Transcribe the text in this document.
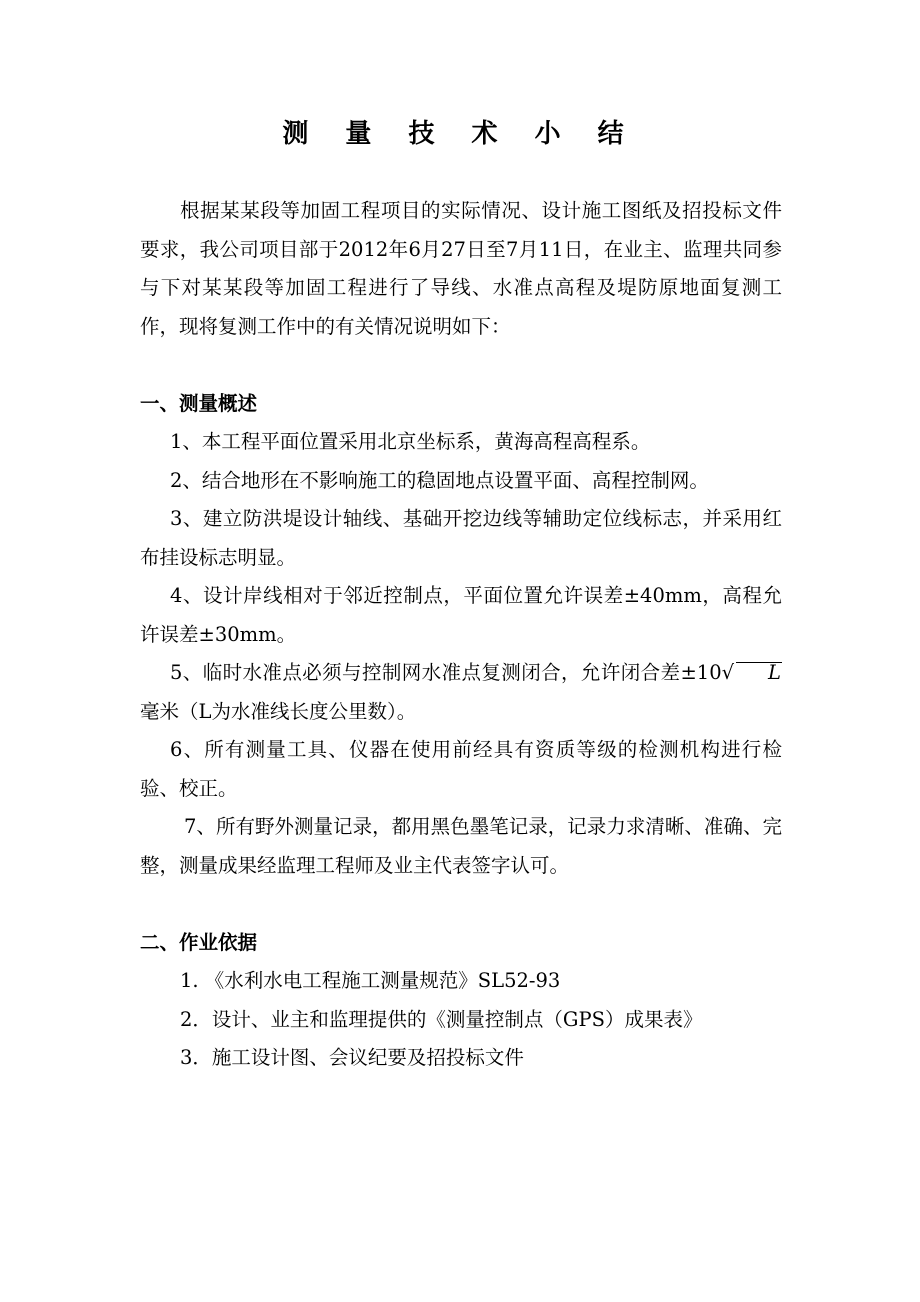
测 量 技 术 小 结

根据某某段等加固工程项目的实际情况、设计施工图纸及招投标文件要求，我公司项目部于2012年6月27日至7月11日，在业主、监理共同参与下对某某段等加固工程进行了导线、水准点高程及堤防原地面复测工作，现将复测工作中的有关情况说明如下：

一、测量概述

1、本工程平面位置采用北京坐标系，黄海高程高程系。

2、结合地形在不影响施工的稳固地点设置平面、高程控制网。

3、建立防洪堤设计轴线、基础开挖边线等辅助定位线标志，并采用红布挂设标志明显。

4、设计岸线相对于邻近控制点，平面位置允许误差±40mm，高程允许误差±30mm。

5、临时水准点必须与控制网水准点复测闭合，允许闭合差±10√ L毫米（L为水准线长度公里数）。

6、所有测量工具、仪器在使用前经具有资质等级的检测机构进行检验、校正。

7、所有野外测量记录，都用黑色墨笔记录，记录力求清晰、准确、完整，测量成果经监理工程师及业主代表签字认可。

二、作业依据

1. 《水利水电工程施工测量规范》SL52-93

2．设计、业主和监理提供的《测量控制点（GPS）成果表》

3．施工设计图、会议纪要及招投标文件
